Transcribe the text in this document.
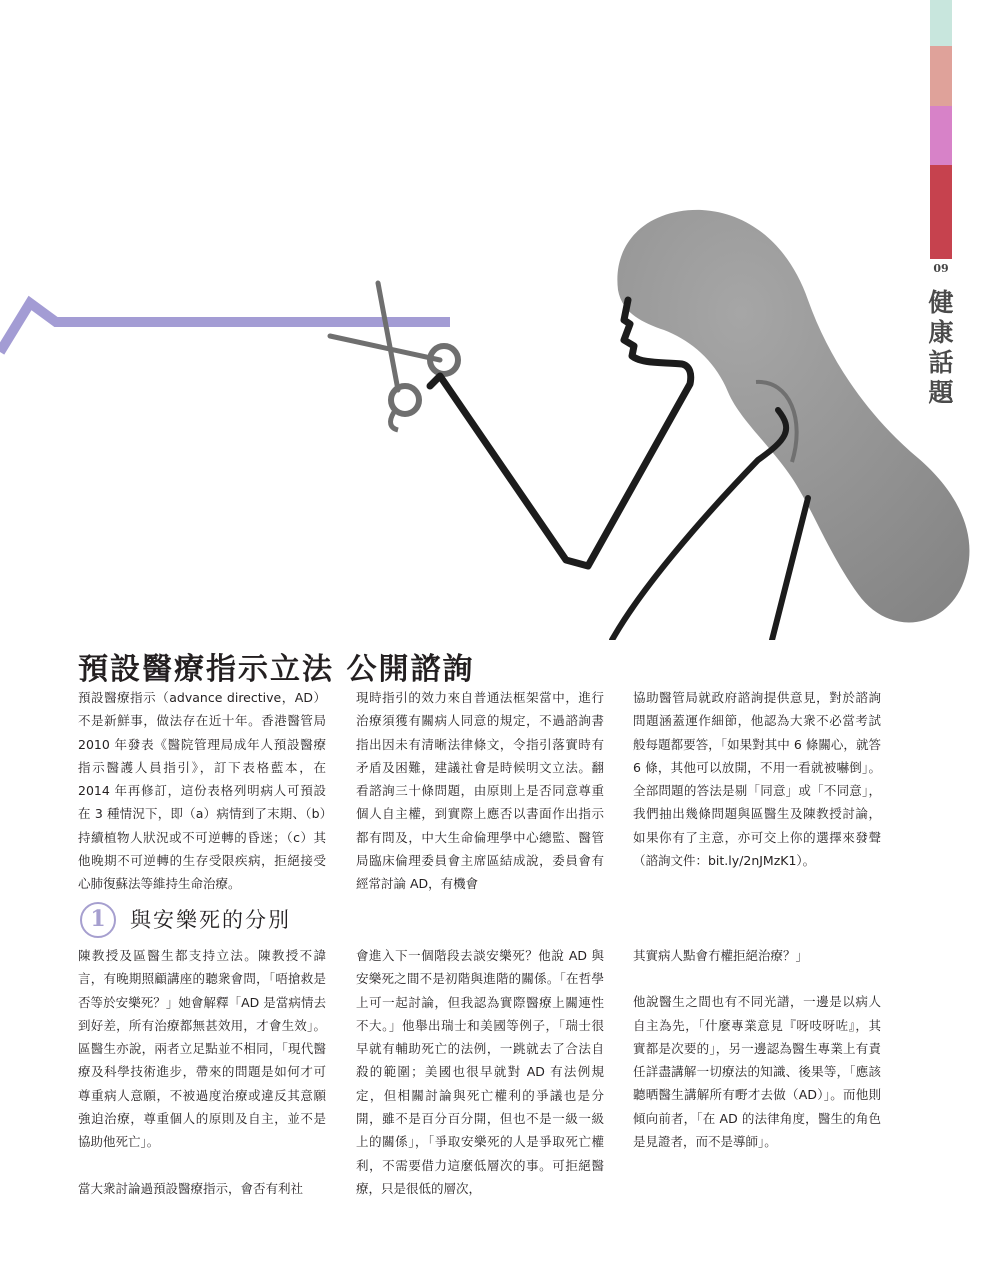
09
健
康
話
題
預設醫療指示立法 公開諮詢

預設醫療指示（advance directive，AD）不是新鮮事，做法存在近十年。香港醫管局 2010 年發表《醫院管理局成年人預設醫療指示醫護人員指引》，訂下表格藍本，在 2014 年再修訂，這份表格列明病人可預設在 3 種情況下，即（a）病情到了末期、（b）持續植物人狀況或不可逆轉的昏迷；（c）其他晚期不可逆轉的生存受限疾病，拒絕接受心肺復蘇法等維持生命治療。

現時指引的效力來自普通法框架當中，進行治療須獲有關病人同意的規定，不過諮詢書指出因未有清晰法律條文，令指引落實時有矛盾及困難，建議社會是時候明文立法。翻看諮詢三十條問題，由原則上是否同意尊重個人自主權，到實際上應否以書面作出指示都有問及，中大生命倫理學中心總監、醫管局臨床倫理委員會主席區結成說，委員會有經常討論 AD，有機會

協助醫管局就政府諮詢提供意見，對於諮詢問題涵蓋運作細節，他認為大衆不必當考試般每題都要答，「如果對其中 6 條關心，就答 6 條，其他可以放開，不用一看就被嚇倒」。全部問題的答法是剔「同意」或「不同意」，我們抽出幾條問題與區醫生及陳教授討論，如果你有了主意，亦可交上你的選擇來發聲（諮詢文件：bit.ly/2nJMzK1）。

1	與安樂死的分別

陳教授及區醫生都支持立法。陳教授不諱言，有晚期照顧講座的聽衆會問，「唔搶救是否等於安樂死？」她會解釋「AD 是當病情去到好差，所有治療都無甚效用，才會生效」。區醫生亦說，兩者立足點並不相同，「現代醫療及科學技術進步，帶來的問題是如何才可尊重病人意願，不被過度治療或違反其意願強迫治療，尊重個人的原則及自主，並不是協助他死亡」。

當大衆討論過預設醫療指示，會否有利社

會進入下一個階段去談安樂死？他說 AD 與安樂死之間不是初階與進階的關係。「在哲學上可一起討論，但我認為實際醫療上關連性不大。」他舉出瑞士和美國等例子，「瑞士很早就有輔助死亡的法例，一跳就去了合法自殺的範圍；美國也很早就對 AD 有法例規定，但相關討論與死亡權利的爭議也是分開，雖不是百分百分開，但也不是一級一級上的關係」，「爭取安樂死的人是爭取死亡權利，不需要借力這麼低層次的事。可拒絕醫療，只是很低的層次，

其實病人點會冇權拒絕治療？」

他說醫生之間也有不同光譜，一邊是以病人自主為先，「什麼專業意見『呀吱呀咗』，其實都是次要的」，另一邊認為醫生專業上有責任詳盡講解一切療法的知識、後果等，「應該聽晒醫生講解所有嘢才去做（AD）」。而他則傾向前者，「在 AD 的法律角度，醫生的角色是見證者，而不是導師」。
